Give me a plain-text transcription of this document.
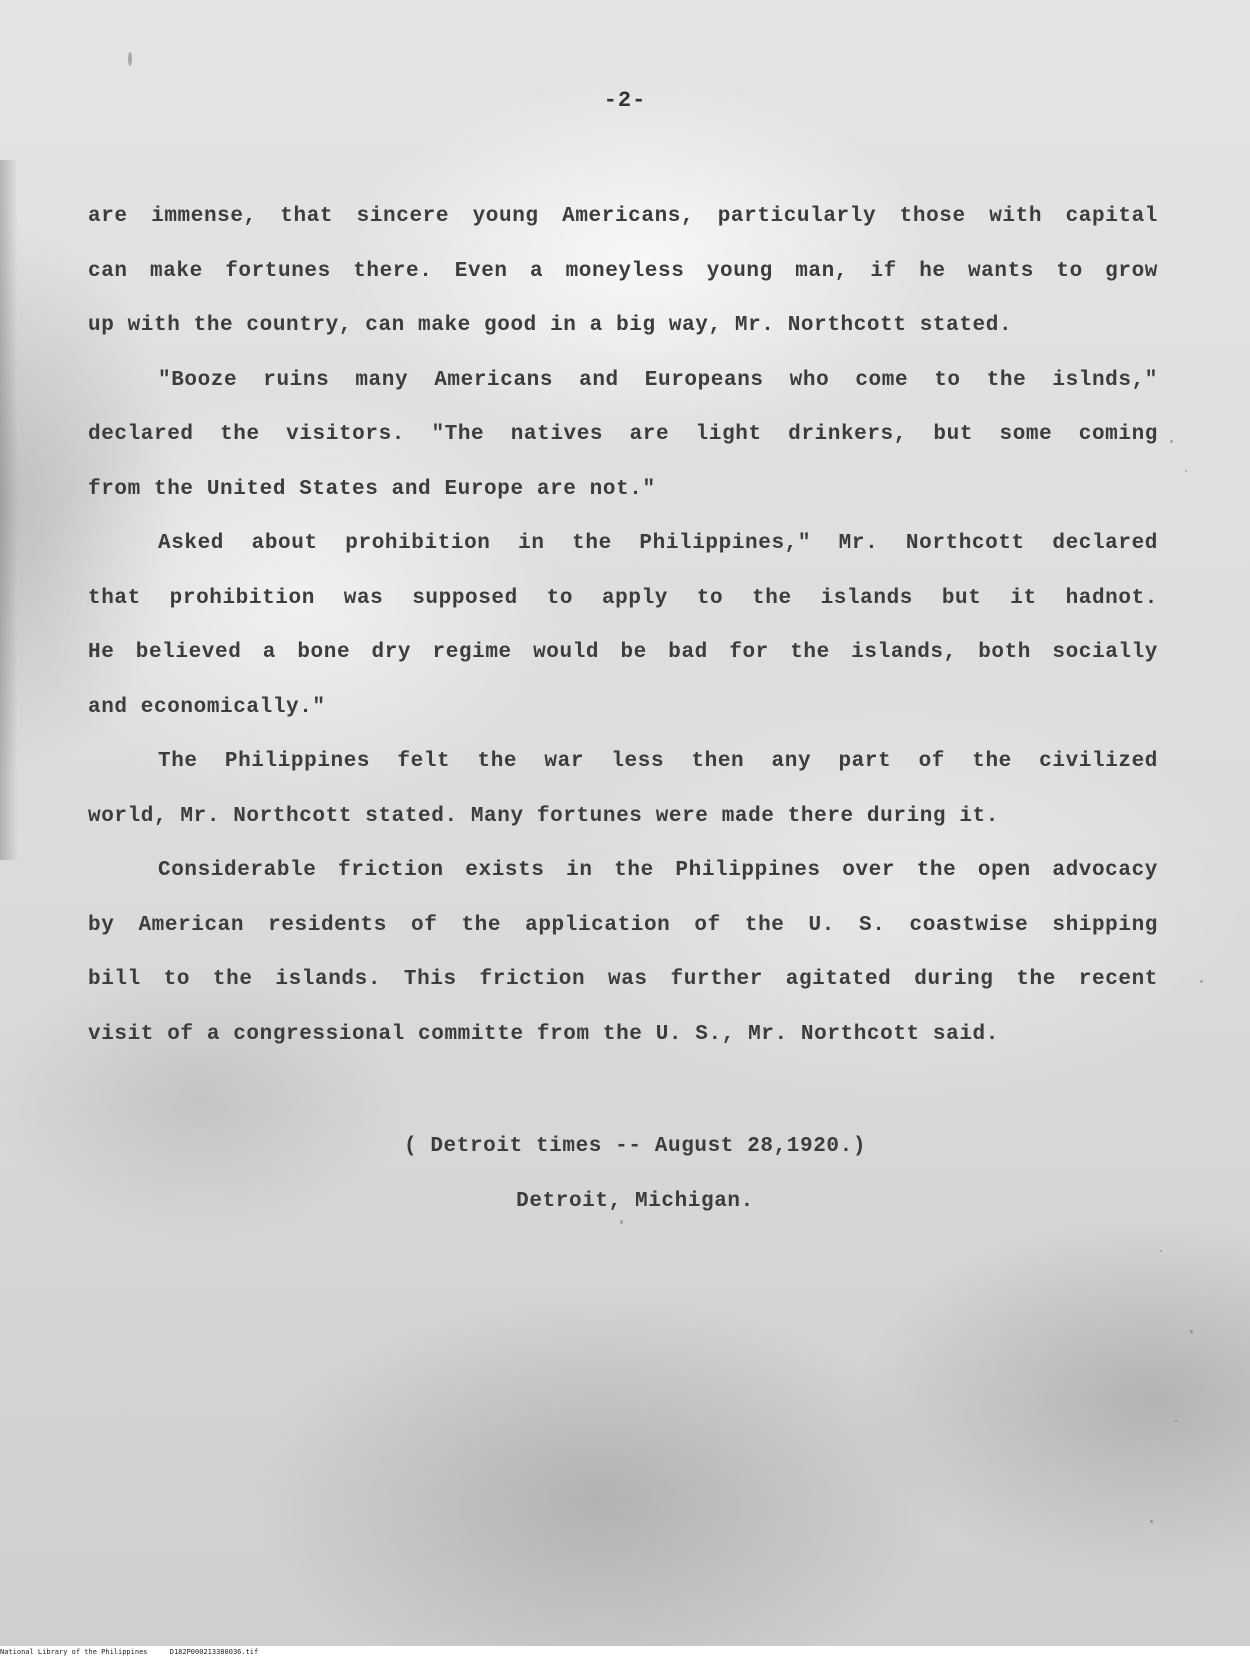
-2-
are immense, that sincere young Americans, particularly those with capital
can make fortunes there. Even a moneyless young man, if he wants to grow
up with the country, can make good in a big way, Mr. Northcott stated.
"Booze ruins many Americans and Europeans who come to the islnds,"
declared the visitors. "The natives are light drinkers, but some coming
from the United States and Europe are not."
Asked about prohibition in the Philippines," Mr. Northcott declared
that prohibition was supposed to apply to the islands but it hadnot.
He believed a bone dry regime would be bad for the islands, both socially
and economically."
The Philippines felt the war less then any part of the civilized
world, Mr. Northcott stated. Many fortunes were made there during it.
Considerable friction exists in the Philippines over the open advocacy
by American residents of the application of the U. S. coastwise shipping
bill to the islands. This friction was further agitated during the recent
visit of a congressional committe from the U. S., Mr. Northcott said.
( Detroit times -- August 28,1920.)
Detroit, Michigan.
National Library of the Philippines	D182P000213380036.tif
